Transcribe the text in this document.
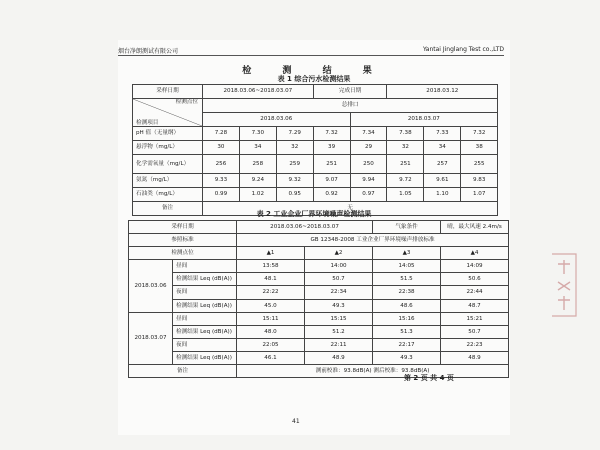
烟台净朗测试有限公司	Yantai Jinglang Test co.,LTD
检 测 结 果
表 1 综合污水检测结果
采样日期	2018.03.06~2018.03.07			完成日期		2018.03.12		

检测点位
检测项目	总排口							
	2018.03.06				2018.03.07			
pH 值（无量纲）	7.28	7.30	7.29	7.32	7.34	7.38	7.33	7.32
悬浮物（mg/L）	30	34	32	39	29	32	34	38
化学需氧量（mg/L）	256	258	259	251	250	251	257	255
氨氮（mg/L）	9.33	9.24	9.32	9.07	9.94	9.72	9.61	9.83
石油类（mg/L）	0.99	1.02	0.95	0.92	0.97	1.05	1.10	1.07
备注	无							
表 2 工业企业厂界环境噪声检测结果
采样日期		2018.03.06~2018.03.07		气象条件	晴，最大风速 2.4m/s
参照标准		GB 12348-2008 工业企业厂界环境噪声排放标准			
检测点位		▲1	▲2	▲3	▲4
2018.03.06	昼间	13:58	14:00	14:05	14:09
	检测结果 Leq (dB(A))	48.1	50.7	51.5	50.6
	夜间	22:22	22:34	22:38	22:44
	检测结果 Leq (dB(A))	45.0	49.3	48.6	48.7
2018.03.07	昼间	15:11	15:15	15:16	15:21
	检测结果 Leq (dB(A))	48.0	51.2	51.3	50.7
	夜间	22:05	22:11	22:17	22:23
	检测结果 Leq (dB(A))	46.1	48.9	49.3	48.9
备注		测前校准：93.8dB(A) 测后校准：93.8dB(A)			
第 2 页 共 4 页
41
